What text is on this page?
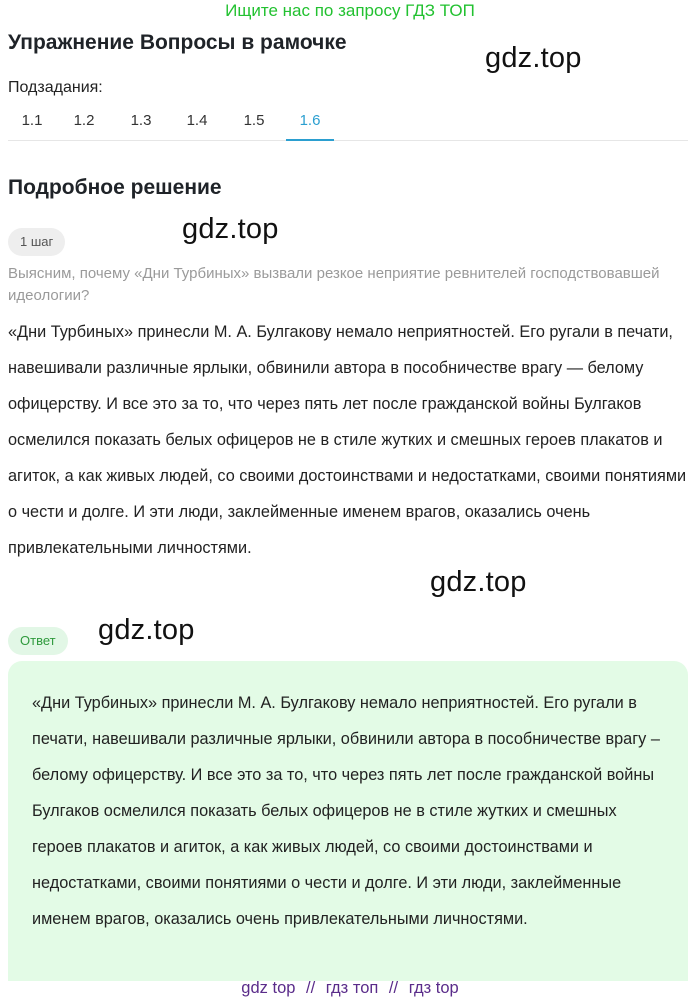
Ищите нас по запросу ГДЗ ТОП
gdz.top
gdz.top
gdz.top
gdz.top
Упражнение Вопросы в рамочке
Подзадания:
1.1	1.2	1.3	1.4	1.5	1.6
Подробное решение
1 шаг
Выясним, почему «Дни Турбиных» вызвали резкое неприятие ревнителей господствовавшей идеологии?
«Дни Турбиных» принесли М. А. Булгакову немало неприятностей. Его ругали в печати, навешивали различные ярлыки, обвинили автора в пособничестве врагу — белому офицерству. И все это за то, что через пять лет после гражданской войны Булгаков осмелился показать белых офицеров не в стиле жутких и смешных героев плакатов и агиток, а как живых людей, со своими достоинствами и недостатками, своими понятиями о чести и долге. И эти люди, заклейменные именем врагов, оказались очень привлекательными личностями.
Ответ
«Дни Турбиных» принесли М. А. Булгакову немало неприятностей. Его ругали в печати, навешивали различные ярлыки, обвинили автора в пособничестве врагу – белому офицерству. И все это за то, что через пять лет после гражданской войны Булгаков осмелился показать белых офицеров не в стиле жутких и смешных героев плакатов и агиток, а как живых людей, со своими достоинствами и недостатками, своими понятиями о чести и долге. И эти люди, заклейменные именем врагов, оказались очень привлекательными личностями.
gdz top // гдз топ // гдз top
